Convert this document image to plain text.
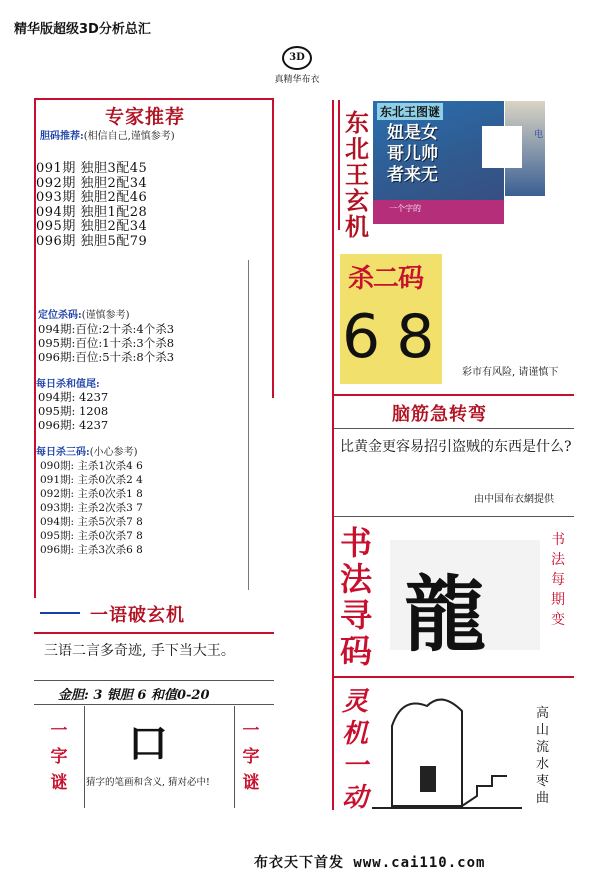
精华版超级3D分析总汇
3D
真精华布衣
专家推荐
胆码推荐:(相信自己,谨慎参考)
091期 独胆3配45
092期 独胆2配34
093期 独胆2配46
094期 独胆1配28
095期 独胆2配34
096期 独胆5配79
定位杀码:(谨慎参考)
094期:百位:2十杀:4个杀3
095期:百位:1十杀:3个杀8
096期:百位:5十杀:8个杀3
每日杀和值尾:
094期: 4237
095期: 1208
096期: 4237
每日杀三码:(小心参考)
090期: 主杀1次杀4 6
091期: 主杀0次杀2 4
092期: 主杀0次杀1 8
093期: 主杀2次杀3 7
094期: 主杀5次杀7 8
095期: 主杀0次杀7 8
096期: 主杀3次杀6 8
东北王玄机
东北王图谜
妞是女
哥儿帅
者来无
一个字的
电
杀二码
68
彩市有风险, 请谨慎下
脑筋急转弯
比黄金更容易招引盗贼的东西是什么?
由中国布衣網提供
书法寻码 龍
书法每期变
灵机一动
高山流水枣曲
一语破玄机
三语二言多奇迹, 手下当大王。
金胆: 3 银胆 6 和值0-20
一字谜
口
猜字的笔画和含义, 猜对必中!
一字谜
布衣天下首发 www.cai110.com
